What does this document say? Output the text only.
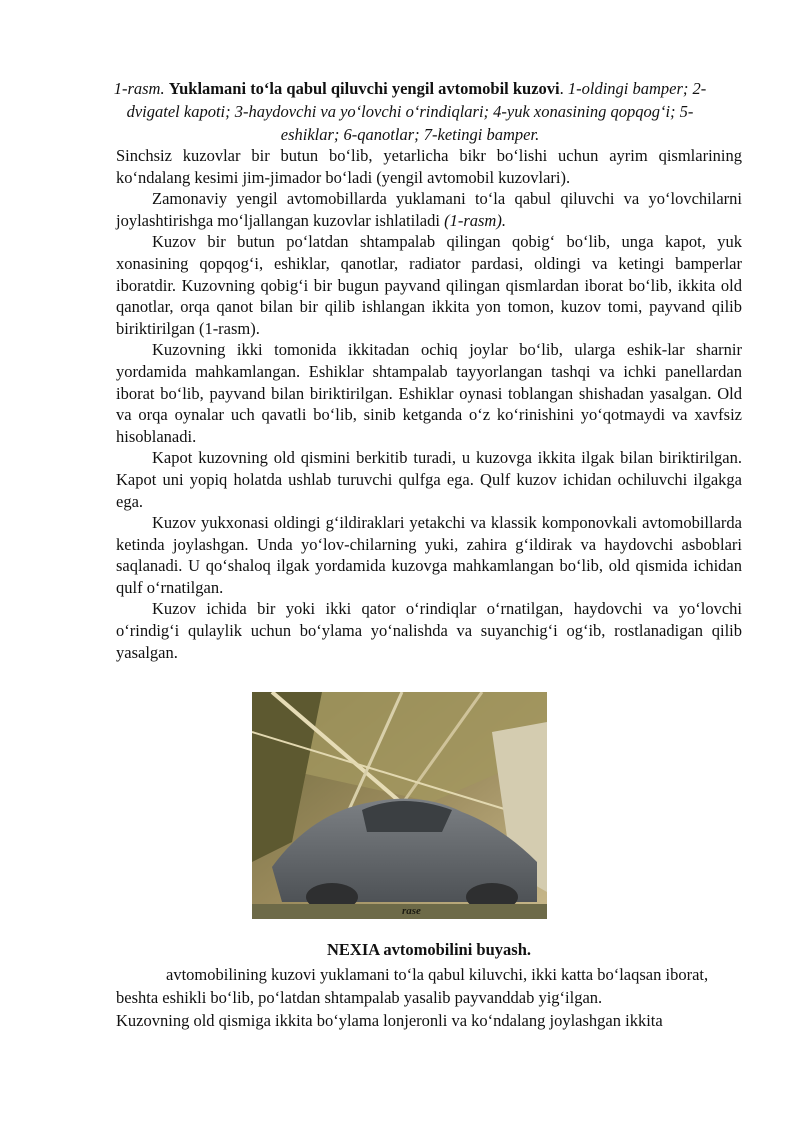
1-rasm. Yuklamani to‘la qabul qiluvchi yengil avtomobil kuzovi. 1-oldingi bamper; 2-dvigatel kapoti; 3-haydovchi va yo‘lovchi o‘rindiqlari; 4-yuk xonasining qopqog‘i; 5-eshiklar; 6-qanotlar; 7-ketingi bamper.

Sinchsiz kuzovlar bir butun bo‘lib, yetarlicha bikr bo‘lishi uchun ayrim qismlarining ko‘ndalang kesimi jim-jimador bo‘ladi (yengil avtomobil kuzovlari).

Zamonaviy yengil avtomobillarda yuklamani to‘la qabul qiluvchi va yo‘lovchilarni joylashtirishga mo‘ljallangan kuzovlar ishlatiladi (1-rasm).

Kuzov bir butun po‘latdan shtampalab qilingan qobig‘ bo‘lib, unga kapot, yuk xonasining qopqog‘i, eshiklar, qanotlar, radiator pardasi, oldingi va ketingi bamperlar iboratdir. Kuzovning qobig‘i bir bugun payvand qilingan qismlardan iborat bo‘lib, ikkita old qanotlar, orqa qanot bilan bir qilib ishlangan ikkita yon tomon, kuzov tomi, payvand qilib biriktirilgan (1-rasm).

Kuzovning ikki tomonida ikkitadan ochiq joylar bo‘lib, ularga eshik-lar sharnir yordamida mahkamlangan. Eshiklar shtampalab tayyorlangan tashqi va ichki panellardan iborat bo‘lib, payvand bilan biriktirilgan. Eshiklar oynasi toblangan shishadan yasalgan. Old va orqa oynalar uch qavatli bo‘lib, sinib ketganda o‘z ko‘rinishini yo‘qotmaydi va xavfsiz hisoblanadi.

Kapot kuzovning old qismini berkitib turadi, u kuzovga ikkita ilgak bilan biriktirilgan. Kapot uni yopiq holatda ushlab turuvchi qulfga ega. Qulf kuzov ichidan ochiluvchi ilgakga ega.

Kuzov yukxonasi oldingi g‘ildiraklari yetakchi va klassik komponovkali avtomobillarda ketinda joylashgan. Unda yo‘lov-chilarning yuki, zahira g‘ildirak va haydovchi asboblari saqlanadi. U qo‘shaloq ilgak yordamida kuzovga mahkamlangan bo‘lib, old qismida ichidan qulf o‘rnatilgan.

Kuzov ichida bir yoki ikki qator o‘rindiqlar o‘rnatilgan, haydovchi va yo‘lovchi o‘rindig‘i qulaylik uchun bo‘ylama yo‘nalishda va suyanchig‘i og‘ib, rostlanadigan qilib yasalgan.

rase
NEXIA avtomobilini buyash.

avtomobilining kuzovi yuklamani to‘la qabul kiluvchi, ikki katta bo‘laqsan iborat, beshta eshikli bo‘lib, po‘latdan shtampalab yasalib payvanddab yig‘ilgan.

Kuzovning old qismiga ikkita bo‘ylama lonjeronli va ko‘ndalang joylashgan ikkita
